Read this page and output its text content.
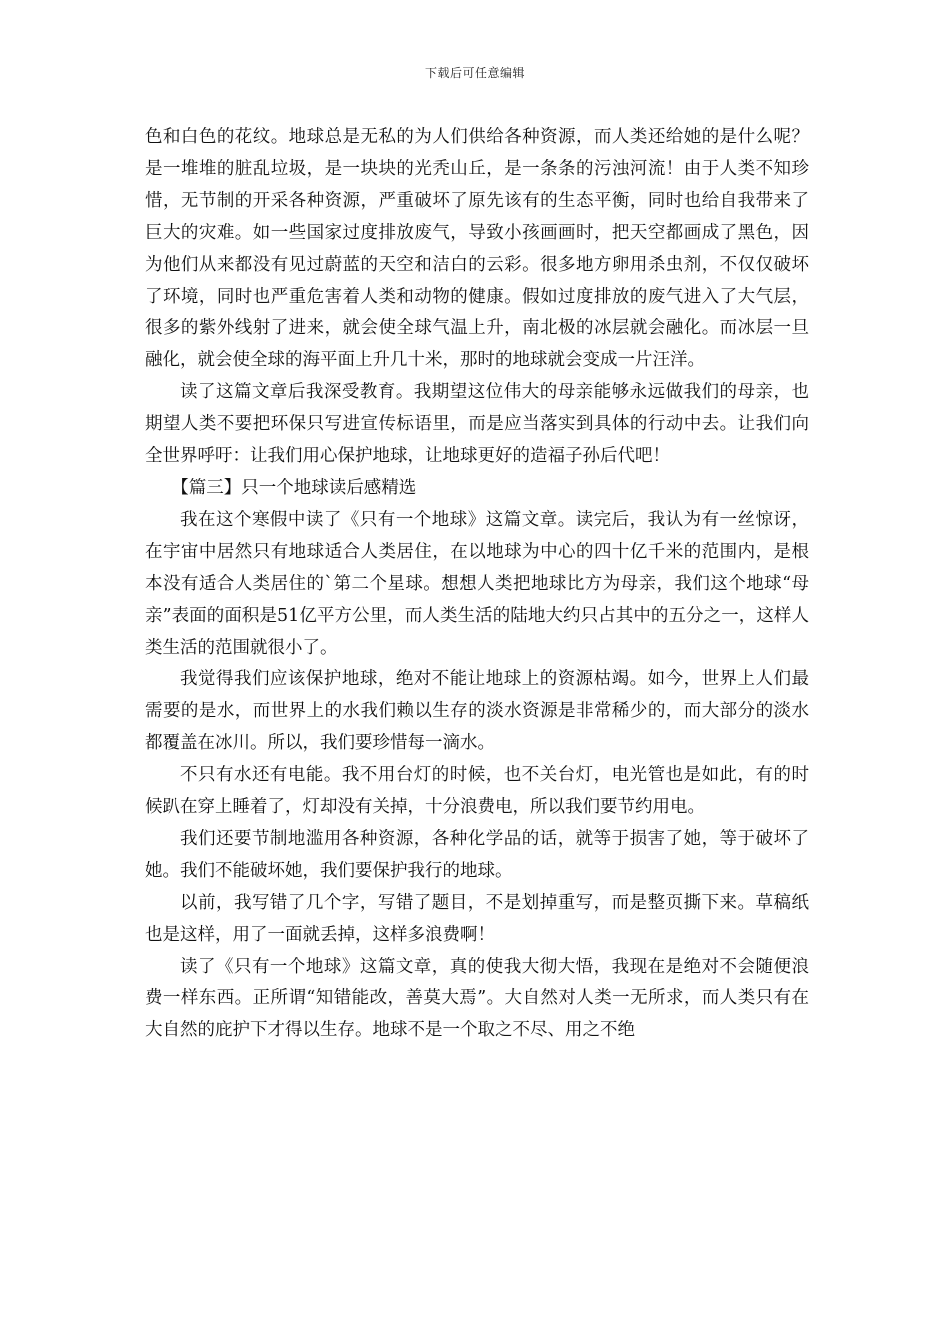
下载后可任意编辑

色和白色的花纹。地球总是无私的为人们供给各种资源，而人类还给她的是什么呢？是一堆堆的脏乱垃圾，是一块块的光秃山丘，是一条条的污浊河流！由于人类不知珍惜，无节制的开采各种资源，严重破坏了原先该有的生态平衡，同时也给自我带来了巨大的灾难。如一些国家过度排放废气，导致小孩画画时，把天空都画成了黑色，因为他们从来都没有见过蔚蓝的天空和洁白的云彩。很多地方卵用杀虫剂，不仅仅破坏了环境，同时也严重危害着人类和动物的健康。假如过度排放的废气进入了大气层，很多的紫外线射了进来，就会使全球气温上升，南北极的冰层就会融化。而冰层一旦融化，就会使全球的海平面上升几十米，那时的地球就会变成一片汪洋。

读了这篇文章后我深受教育。我期望这位伟大的母亲能够永远做我们的母亲，也期望人类不要把环保只写进宣传标语里，而是应当落实到具体的行动中去。让我们向全世界呼吁：让我们用心保护地球，让地球更好的造福子孙后代吧！

【篇三】只一个地球读后感精选

我在这个寒假中读了《只有一个地球》这篇文章。读完后，我认为有一丝惊讶，在宇宙中居然只有地球适合人类居住，在以地球为中心的四十亿千米的范围内，是根本没有适合人类居住的`第二个星球。想想人类把地球比方为母亲，我们这个地球“母亲”表面的面积是51亿平方公里，而人类生活的陆地大约只占其中的五分之一，这样人类生活的范围就很小了。

我觉得我们应该保护地球，绝对不能让地球上的资源枯竭。如今，世界上人们最需要的是水，而世界上的水我们赖以生存的淡水资源是非常稀少的，而大部分的淡水都覆盖在冰川。所以，我们要珍惜每一滴水。

不只有水还有电能。我不用台灯的时候，也不关台灯，电光管也是如此，有的时候趴在穿上睡着了，灯却没有关掉，十分浪费电，所以我们要节约用电。

我们还要节制地滥用各种资源，各种化学品的话，就等于损害了她，等于破坏了她。我们不能破坏她，我们要保护我行的地球。

以前，我写错了几个字，写错了题目，不是划掉重写，而是整页撕下来。草稿纸也是这样，用了一面就丢掉，这样多浪费啊！

读了《只有一个地球》这篇文章，真的使我大彻大悟，我现在是绝对不会随便浪费一样东西。正所谓“知错能改，善莫大焉”。大自然对人类一无所求，而人类只有在大自然的庇护下才得以生存。地球不是一个取之不尽、用之不绝
